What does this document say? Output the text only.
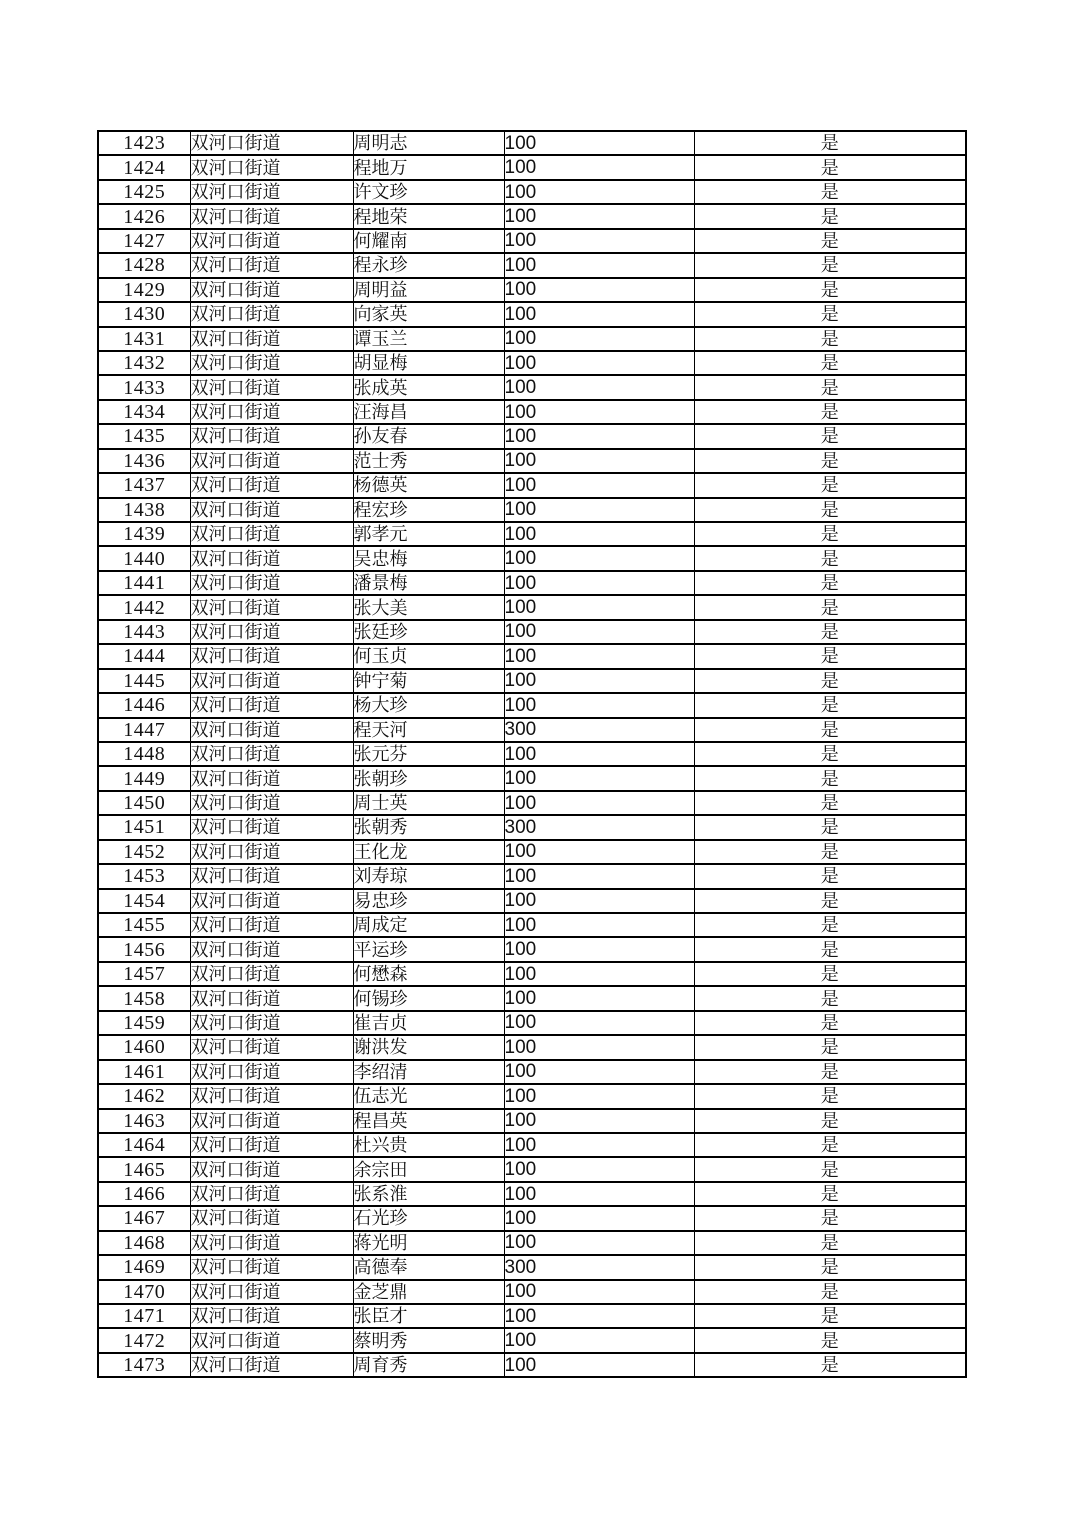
1423	双河口街道	周明志	100	是
1424	双河口街道	程地万	100	是
1425	双河口街道	许文珍	100	是
1426	双河口街道	程地荣	100	是
1427	双河口街道	何耀南	100	是
1428	双河口街道	程永珍	100	是
1429	双河口街道	周明益	100	是
1430	双河口街道	向家英	100	是
1431	双河口街道	谭玉兰	100	是
1432	双河口街道	胡显梅	100	是
1433	双河口街道	张成英	100	是
1434	双河口街道	汪海昌	100	是
1435	双河口街道	孙友春	100	是
1436	双河口街道	范士秀	100	是
1437	双河口街道	杨德英	100	是
1438	双河口街道	程宏珍	100	是
1439	双河口街道	郭孝元	100	是
1440	双河口街道	吴忠梅	100	是
1441	双河口街道	潘景梅	100	是
1442	双河口街道	张大美	100	是
1443	双河口街道	张廷珍	100	是
1444	双河口街道	何玉贞	100	是
1445	双河口街道	钟宁菊	100	是
1446	双河口街道	杨大珍	100	是
1447	双河口街道	程天河	300	是
1448	双河口街道	张元芬	100	是
1449	双河口街道	张朝珍	100	是
1450	双河口街道	周士英	100	是
1451	双河口街道	张朝秀	300	是
1452	双河口街道	王化龙	100	是
1453	双河口街道	刘寿琼	100	是
1454	双河口街道	易忠珍	100	是
1455	双河口街道	周成定	100	是
1456	双河口街道	平运珍	100	是
1457	双河口街道	何懋森	100	是
1458	双河口街道	何锡珍	100	是
1459	双河口街道	崔吉贞	100	是
1460	双河口街道	谢洪发	100	是
1461	双河口街道	李绍清	100	是
1462	双河口街道	伍志光	100	是
1463	双河口街道	程昌英	100	是
1464	双河口街道	杜兴贵	100	是
1465	双河口街道	余宗田	100	是
1466	双河口街道	张系淮	100	是
1467	双河口街道	石光珍	100	是
1468	双河口街道	蒋光明	100	是
1469	双河口街道	高德奉	300	是
1470	双河口街道	金芝鼎	100	是
1471	双河口街道	张臣才	100	是
1472	双河口街道	蔡明秀	100	是
1473	双河口街道	周育秀	100	是
